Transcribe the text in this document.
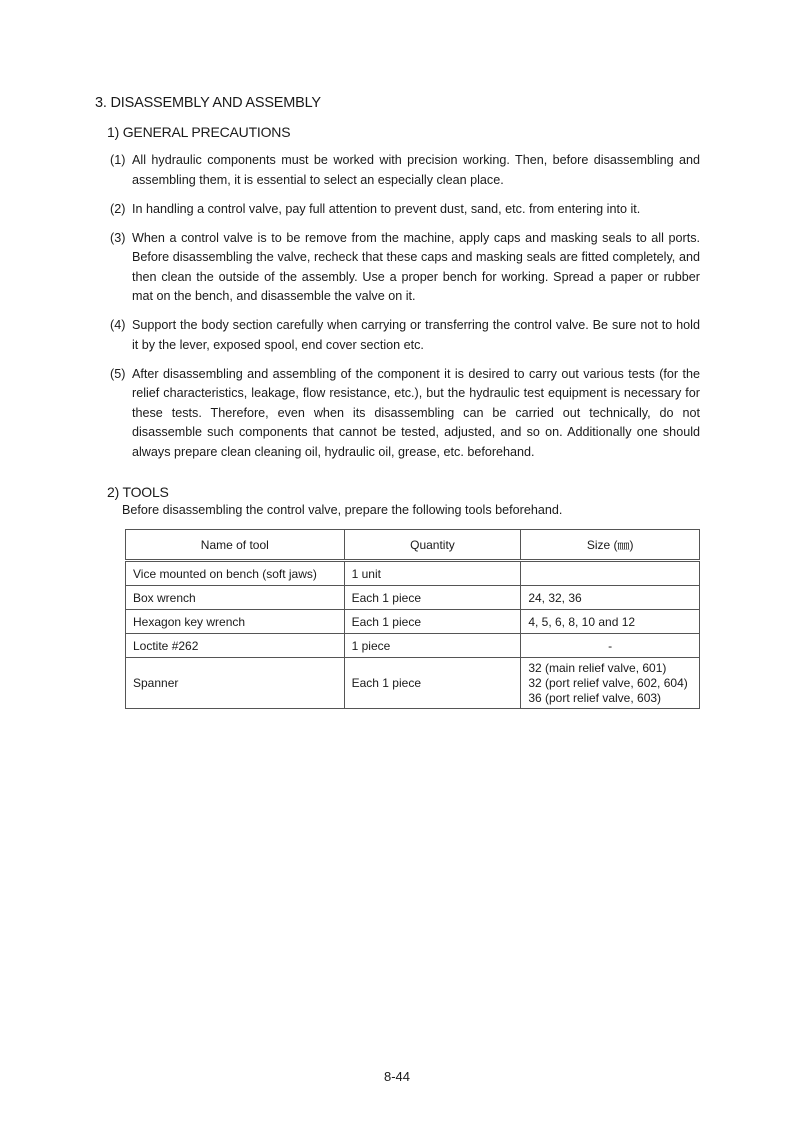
3. DISASSEMBLY AND ASSEMBLY
1) GENERAL PRECAUTIONS
(1) All hydraulic components must be worked with precision working. Then, before disassembling and assembling them, it is essential to select an especially clean place.
(2) In handling a control valve, pay full attention to prevent dust, sand, etc. from entering into it.
(3) When a control valve is to be remove from the machine, apply caps and masking seals to all ports. Before disassembling the valve, recheck that these caps and masking seals are fitted completely, and then clean the outside of the assembly. Use a proper bench for working. Spread a paper or rubber mat on the bench, and disassemble the valve on it.
(4) Support the body section carefully when carrying or transferring the control valve. Be sure not to hold it by the lever, exposed spool, end cover section etc.
(5) After disassembling and assembling of the component it is desired to carry out various tests (for the relief characteristics, leakage, flow resistance, etc.), but the hydraulic test equipment is necessary for these tests. Therefore, even when its disassembling can be carried out technically, do not disassemble such components that cannot be tested, adjusted, and so on. Additionally one should always prepare clean cleaning oil, hydraulic oil, grease, etc. beforehand.
2) TOOLS

Before disassembling the control valve, prepare the following tools beforehand.

Name of tool	Quantity	Size (㎜)
Vice mounted on bench (soft jaws)	1 unit	
Box wrench	Each 1 piece	24, 32, 36
Hexagon key wrench	Each 1 piece	4, 5, 6, 8, 10 and 12
Loctite #262	1 piece	-
Spanner	Each 1 piece	32 (main relief valve, 601)
32 (port relief valve, 602, 604)
36 (port relief valve, 603)

8-44
